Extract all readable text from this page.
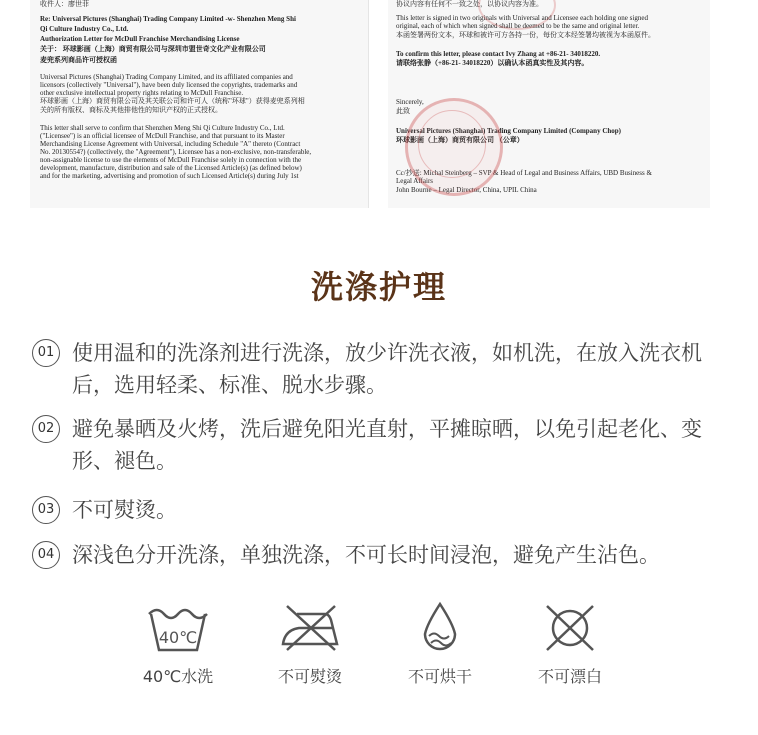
收件人：廖世菲
Re: Universal Pictures (Shanghai) Trading Company Limited -w- Shenzhen Meng Shi
Qi Culture Industry Co., Ltd.
Authorization Letter for McDull Franchise Merchandising License
关于： 环球影画（上海）商贸有限公司与深圳市盟世奇文化产业有限公司
麦兜系列商品许可授权函
Universal Pictures (Shanghai) Trading Company Limited, and its affiliated companies and
licensors (collectively "Universal"), have been duly licensed the copyrights, trademarks and
other exclusive intellectual property rights relating to McDull Franchise.
环球影画（上海）商贸有限公司及其关联公司和许可人（统称"环球"）获得麦兜系列相
关的所有版权、商标及其他排他性的知识产权的正式授权。
This letter shall serve to confirm that Shenzhen Meng Shi Qi Culture Industry Co., Ltd.
("Licensee") is an official licensee of McDull Franchise, and that pursuant to its Master
Merchandising License Agreement with Universal, including Schedule "A" thereto (Contract
No. 20130554?) (collectively, the "Agreement"), Licensee has a non-exclusive, non-transferable,
non-assignable license to use the elements of McDull Franchise solely in connection with the
development, manufacture, distribution and sale of the Licensed Article(s) (as defined below)
and for the marketing, advertising and promotion of such Licensed Article(s) during July 1st
协议内容有任何不一致之处，以协议内容为准。
This letter is signed in two originals with Universal and Licensee each holding one signed
original, each of which when signed shall be deemed to be the same and original letter.
本函签署两份文本，环球和被许可方各持一份，每份文本经签署均被视为本函原件。
To confirm this letter, please contact Ivy Zhang at +86-21- 34018220.
请联络张静（+86-21- 34018220）以确认本函真实性及其内容。
Sincerely,
此致
Universal Pictures (Shanghai) Trading Company Limited (Company Chop)
环球影画（上海）商贸有限公司 （公章）
Cc/抄送: Michal Steinberg – SVP & Head of Legal and Business Affairs, UBD Business &
Legal Affairs
John Bourne – Legal Director, China, UPIL China
洗涤护理
01 使用温和的洗涤剂进行洗涤，放少许洗衣液，如机洗，在放入洗衣机后，选用轻柔、标准、脱水步骤。
02 避免暴晒及火烤，洗后避免阳光直射，平摊晾晒，以免引起老化、变形、褪色。
03 不可熨烫。
04 深浅色分开洗涤，单独洗涤，不可长时间浸泡，避免产生沾色。
40℃
40℃水洗	不可熨烫	不可烘干	不可漂白
